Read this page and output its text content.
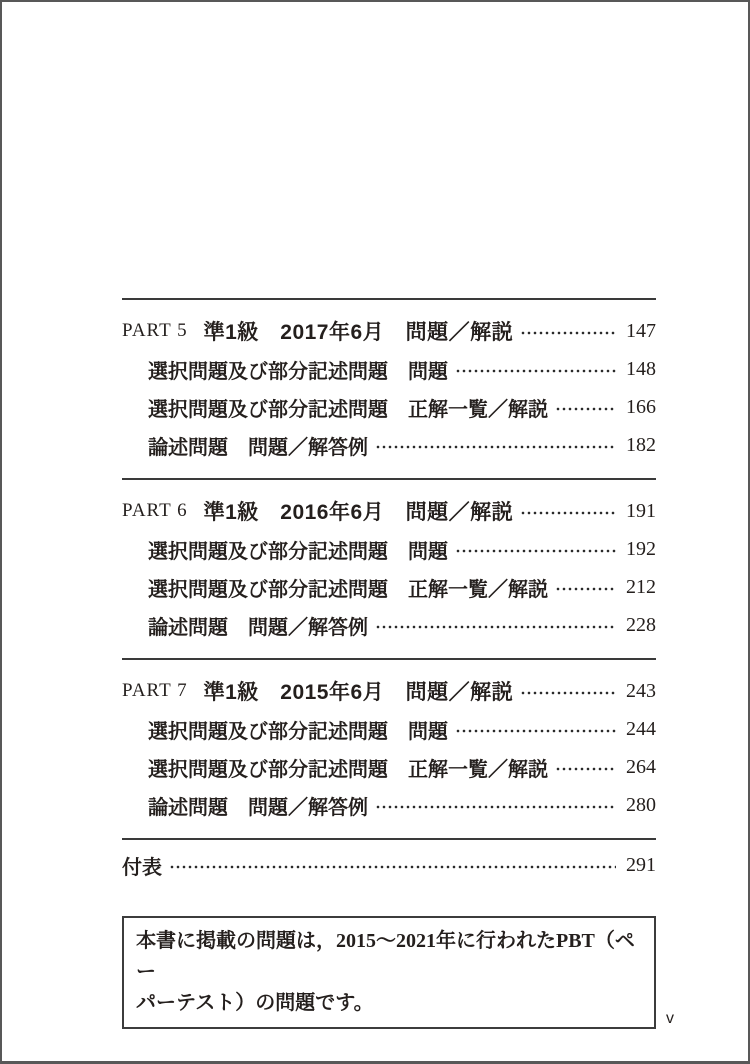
PART 5 準1級　2017年6月　問題／解説	147
選択問題及び部分記述問題　問題	148
選択問題及び部分記述問題　正解一覧／解説	166
論述問題　問題／解答例	182
PART 6 準1級　2016年6月　問題／解説	191
選択問題及び部分記述問題　問題	192
選択問題及び部分記述問題　正解一覧／解説	212
論述問題　問題／解答例	228
PART 7 準1級　2015年6月　問題／解説	243
選択問題及び部分記述問題　問題	244
選択問題及び部分記述問題　正解一覧／解説	264
論述問題　問題／解答例	280
付表	291
本書に掲載の問題は，2015～2021年に行われたPBT（ペー
パーテスト）の問題です。
v
